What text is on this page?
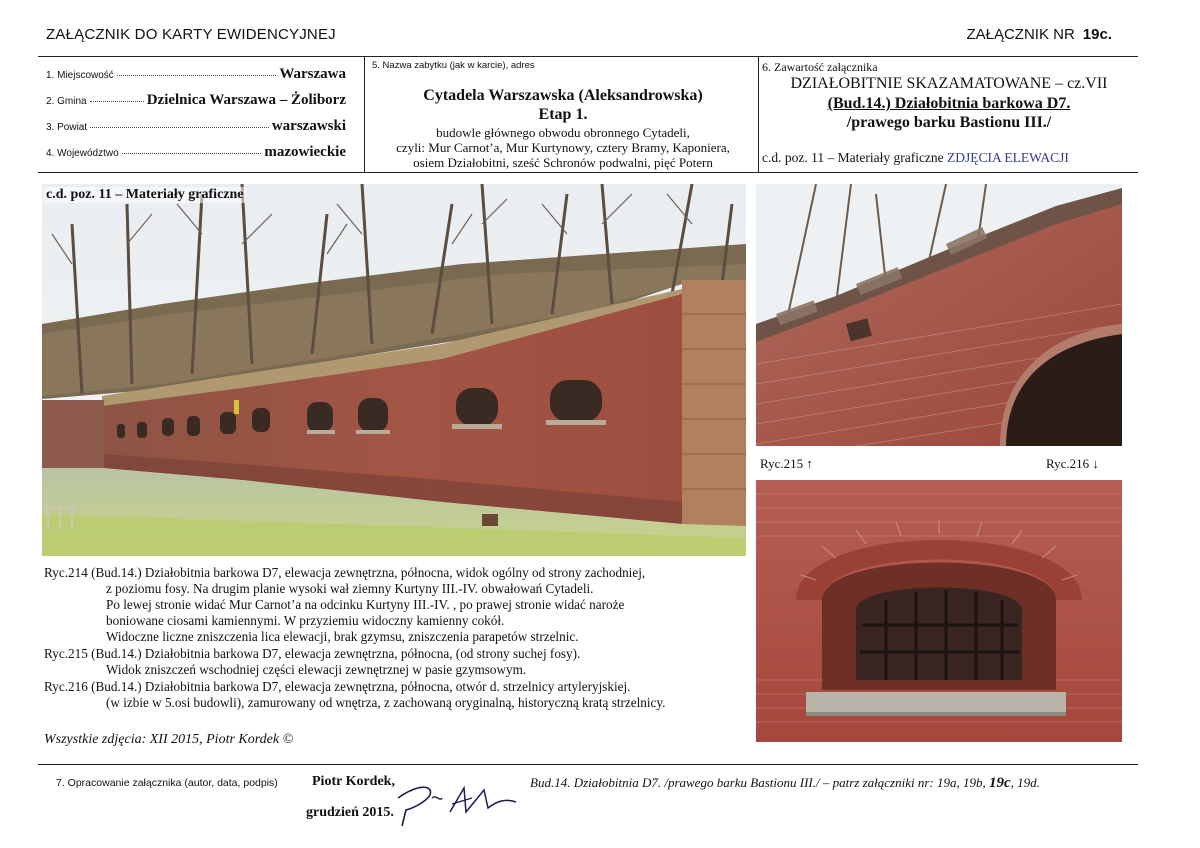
ZAŁĄCZNIK DO KARTY EWIDENCYJNEJ	ZAŁĄCZNIK NR 19c.
1. Miejscowość	Warszawa
2. Gmina	Dzielnica Warszawa – Żoliborz
3. Powiat	warszawski
4. Województwo	mazowieckie
5. Nazwa zabytku (jak w karcie), adres
Cytadela Warszawska (Aleksandrowska)
Etap 1.
budowle głównego obwodu obronnego Cytadeli,
czyli: Mur Carnot’a, Mur Kurtynowy, cztery Bramy, Kaponiera,
osiem Działobitni, sześć Schronów podwalni, pięć Potern
6. Zawartość załącznika
DZIAŁOBITNIE SKAZAMATOWANE – cz.VII
(Bud.14.) Działobitnia barkowa D7.
/prawego barku Bastionu III./
c.d. poz. 11 – Materiały graficzne ZDJĘCIA ELEWACJI
c.d. poz. 11 – Materiały graficzne
Ryc.215 ↑	Ryc.216 ↓
Ryc.214 (Bud.14.) Działobitnia barkowa D7, elewacja zewnętrzna, północna, widok ogólny od strony zachodniej,
z poziomu fosy. Na drugim planie wysoki wał ziemny Kurtyny III.-IV. obwałowań Cytadeli.
Po lewej stronie widać Mur Carnot’a na odcinku Kurtyny III.-IV. , po prawej stronie widać naroże
boniowane ciosami kamiennymi. W przyziemiu widoczny kamienny cokół.
Widoczne liczne zniszczenia lica elewacji, brak gzymsu, zniszczenia parapetów strzelnic.
Ryc.215 (Bud.14.) Działobitnia barkowa D7, elewacja zewnętrzna, północna, (od strony suchej fosy).
Widok zniszczeń wschodniej części elewacji zewnętrznej w pasie gzymsowym.
Ryc.216 (Bud.14.) Działobitnia barkowa D7, elewacja zewnętrzna, północna, otwór d. strzelnicy artyleryjskiej.
(w izbie w 5.osi budowli), zamurowany od wnętrza, z zachowaną oryginalną, historyczną kratą strzelnicy.
Wszystkie zdjęcia: XII 2015, Piotr Kordek ©
7. Opracowanie załącznika (autor, data, podpis) Piotr Kordek,
grudzień 2015.
Bud.14. Działobitnia D7. /prawego barku Bastionu III./ – patrz załączniki nr: 19a, 19b, 19c, 19d.
